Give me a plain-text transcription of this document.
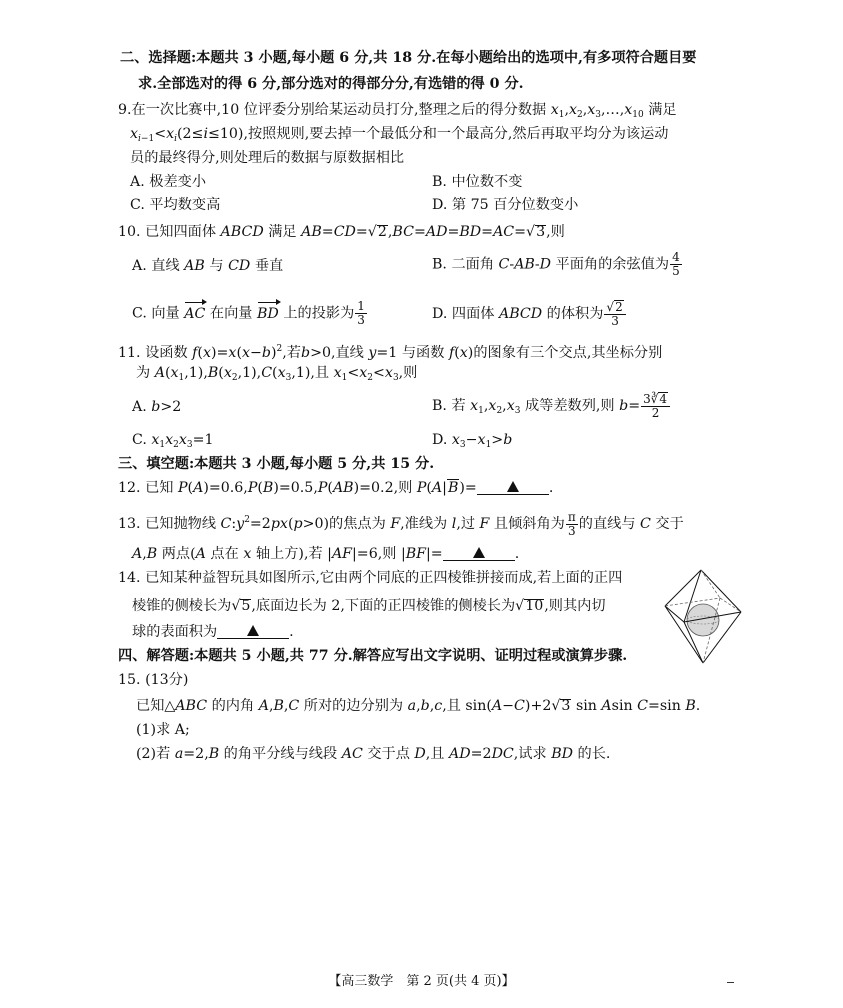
二、选择题:本题共 3 小题,每小题 6 分,共 18 分.在每小题给出的选项中,有多项符合题目要
求.全部选对的得 6 分,部分选对的得部分分,有选错的得 0 分.
9.在一次比赛中,10 位评委分别给某运动员打分,整理之后的得分数据 $x_1,x_2,x_3,\dots,x_{10}$ 满足
$x_{i-1}<x_i(2\le i\le 10)$,按照规则,要去掉一个最低分和一个最高分,然后再取平均分为该运动
员的最终得分,则处理后的数据与原数据相比
A. 极差变小	B. 中位数不变
C. 平均数变高	D. 第 75 百分位数变小
10. 已知四面体 ABCD 满足 AB=CD=√2,BC=AD=BD=AC=√3,则
A. 直线 AB 与 CD 垂直	B. 二面角 C-AB-D 平面角的余弦值为 $\frac{4}{5}$
C. 向量 AC 在向量 BD 上的投影为 $\frac{1}{3}$	D. 四面体 ABCD 的体积为 $\frac{√2}{3}$
11. 设函数 $f(x)=x(x-b)^2$,若b>0,直线 y=1 与函数 f(x)的图象有三个交点,其坐标分别
为 $A(x_1,1),B(x_2,1),C(x_3,1)$,且 $x_1<x_2<x_3$,则
A. b>2	B. 若 $x_1,x_2,x_3$ 成等差数列,则 $b= \frac{3∛4}{2}$
C. $x_1x_2x_3=1$	D. $x_3-x_1>b$
三、填空题:本题共 3 小题,每小题 5 分,共 15 分.
12. 已知 P(A)=0.6,P(B)=0.5,P(AB)=0.2,则 P(A|B)=	.
13. 已知抛物线 $C:y^2=2px(p>0)$的焦点为 F,准线为 l,过 F 且倾斜角为 $\frac{\pi}{3}$ 的直线与 C 交于
A,B 两点(A 点在 x 轴上方),若 |AF|=6,则 |BF|=	.
14. 已知某种益智玩具如图所示,它由两个同底的正四棱锥拼接而成,若上面的正四
棱锥的侧棱长为√5,底面边长为 2,下面的正四棱锥的侧棱长为√10,则其内切
球的表面积为	.
四、解答题:本题共 5 小题,共 77 分.解答应写出文字说明、证明过程或演算步骤.
15. (13分)
已知△ABC 的内角 A,B,C 所对的边分别为 a,b,c,且 sin(A−C)+2√3 sin Asin C=sin B.
(1)求 A;
(2)若 a=2,B 的角平分线与线段 AC 交于点 D,且 AD=2DC,试求 BD 的长.
【高三数学　第 2 页(共 4 页)】
